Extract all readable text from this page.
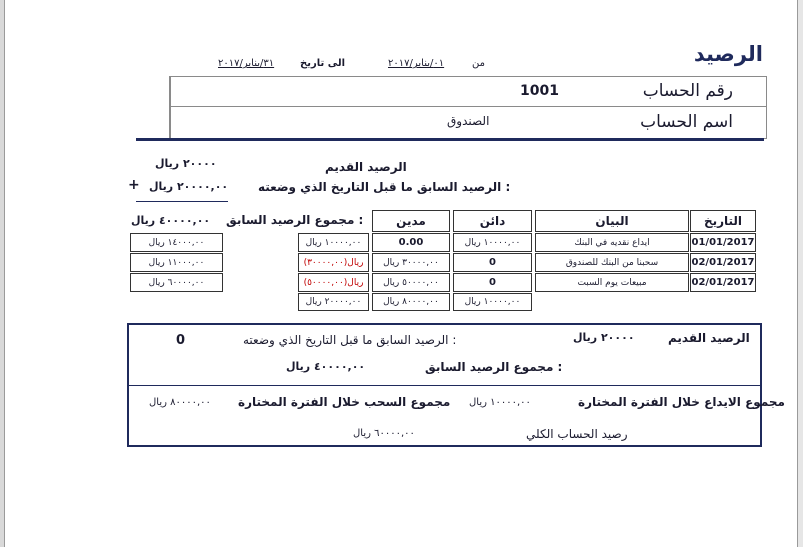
الرصيد
من
٠١/يناير/٢٠١٧
الى تاريخ
٣١/يناير/٢٠١٧
رقم الحساب
1001
اسم الحساب
الصندوق
الرصيد القديم
٢٠٠٠٠ ريال
الرصيد السابق ما قبل التاريخ الذي وضعته :
٢٠٠٠٠,٠٠ ريال
+
مجموع الرصيد السابق :
٤٠٠٠٠,٠٠ ريال	التاريخ
البيان
دائن
مدين
01/01/2017
ايداع نقديه في البنك
١٠٠٠٠,٠٠ ريال
0.00
١٠٠٠٠,٠٠ ريال
١٤٠٠٠,٠٠ ريال
02/01/2017
سحبنا من البنك للصندوق
0
٣٠٠٠٠,٠٠ ريال
(٣٠٠٠٠,٠٠)ريال
١١٠٠٠,٠٠ ريال
02/01/2017
مبيعات يوم السبت
0
٥٠٠٠٠,٠٠ ريال
(٥٠٠٠٠,٠٠)ريال
٦٠٠٠٠,٠٠ ريال
١٠٠٠٠,٠٠ ريال
٨٠٠٠٠,٠٠ ريال
٢٠٠٠٠,٠٠ ريال
الرصيد القديم
٢٠٠٠٠ ريال
الرصيد السابق ما قبل التاريخ الذي وضعته :
0
مجموع الرصيد السابق :
٤٠٠٠٠,٠٠ ريال
مجموع الايداع خلال الفترة المختارة
١٠٠٠٠,٠٠ ريال
مجموع السحب خلال الفترة المختارة
٨٠٠٠٠,٠٠ ريال
رصيد الحساب الكلي
٦٠٠٠٠,٠٠ ريال
